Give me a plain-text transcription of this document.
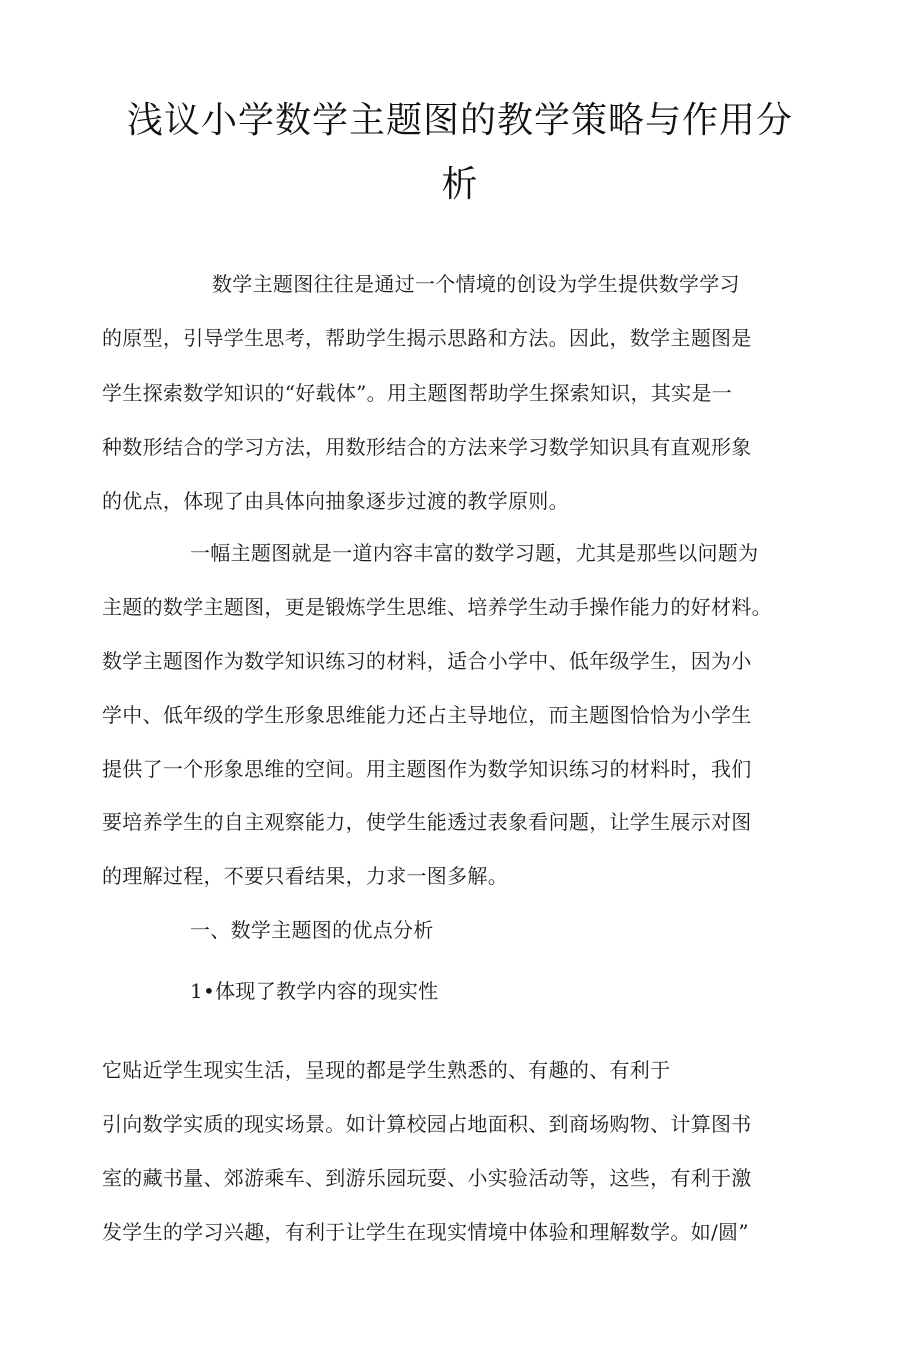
浅议小学数学主题图的教学策略与作用分
析
数学主题图往往是通过一个情境的创设为学生提供数学学习
的原型，引导学生思考，帮助学生揭示思路和方法。因此，数学主题图是
学生探索数学知识的“好载体”。用主题图帮助学生探索知识，其实是一
种数形结合的学习方法，用数形结合的方法来学习数学知识具有直观形象
的优点，体现了由具体向抽象逐步过渡的教学原则。
一幅主题图就是一道内容丰富的数学习题，尤其是那些以问题为
主题的数学主题图，更是锻炼学生思维、培养学生动手操作能力的好材料。
数学主题图作为数学知识练习的材料，适合小学中、低年级学生，因为小
学中、低年级的学生形象思维能力还占主导地位，而主题图恰恰为小学生
提供了一个形象思维的空间。用主题图作为数学知识练习的材料时，我们
要培养学生的自主观察能力，使学生能透过表象看问题，让学生展示对图
的理解过程，不要只看结果，力求一图多解。
一、数学主题图的优点分析
1•体现了教学内容的现实性
它贴近学生现实生活，呈现的都是学生熟悉的、有趣的、有利于
引向数学实质的现实场景。如计算校园占地面积、到商场购物、计算图书
室的藏书量、郊游乘车、到游乐园玩耍、小实验活动等，这些，有利于激
发学生的学习兴趣，有利于让学生在现实情境中体验和理解数学。如/圆”
